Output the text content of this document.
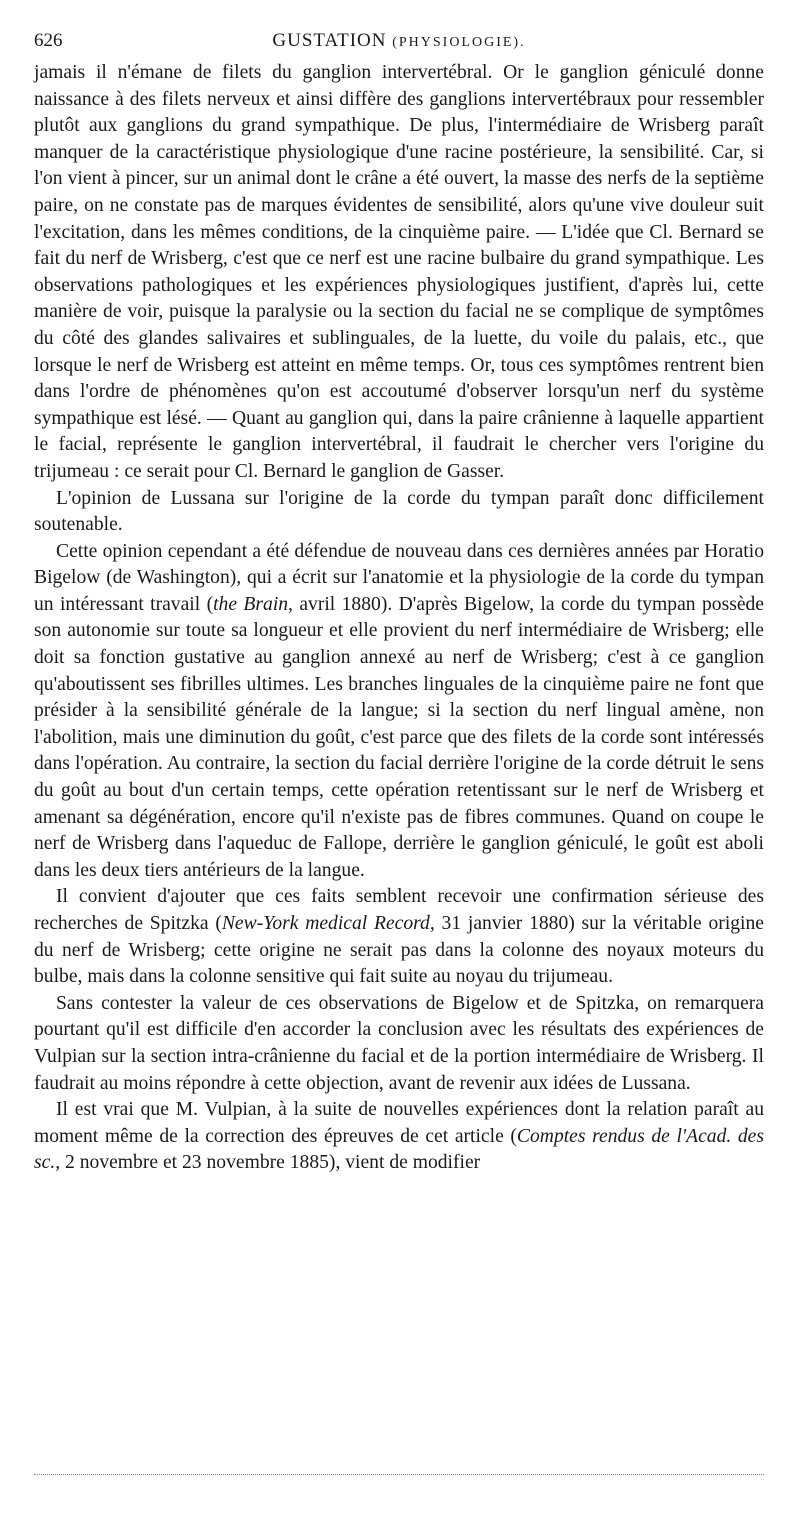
626	GUSTATION (PHYSIOLOGIE).

jamais il n'émane de filets du ganglion intervertébral. Or le ganglion géniculé donne naissance à des filets nerveux et ainsi diffère des ganglions intervertébraux pour ressembler plutôt aux ganglions du grand sympathique. De plus, l'intermédiaire de Wrisberg paraît manquer de la caractéristique physiologique d'une racine postérieure, la sensibilité. Car, si l'on vient à pincer, sur un animal dont le crâne a été ouvert, la masse des nerfs de la septième paire, on ne constate pas de marques évidentes de sensibilité, alors qu'une vive douleur suit l'excitation, dans les mêmes conditions, de la cinquième paire. — L'idée que Cl. Bernard se fait du nerf de Wrisberg, c'est que ce nerf est une racine bulbaire du grand sympathique. Les observations pathologiques et les expériences physiologiques justifient, d'après lui, cette manière de voir, puisque la paralysie ou la section du facial ne se complique de symptômes du côté des glandes salivaires et sublinguales, de la luette, du voile du palais, etc., que lorsque le nerf de Wrisberg est atteint en même temps. Or, tous ces symptômes rentrent bien dans l'ordre de phénomènes qu'on est accoutumé d'observer lorsqu'un nerf du système sympathique est lésé. — Quant au ganglion qui, dans la paire crânienne à laquelle appartient le facial, représente le ganglion intervertébral, il faudrait le chercher vers l'origine du trijumeau : ce serait pour Cl. Bernard le ganglion de Gasser.

L'opinion de Lussana sur l'origine de la corde du tympan paraît donc difficilement soutenable.

Cette opinion cependant a été défendue de nouveau dans ces dernières années par Horatio Bigelow (de Washington), qui a écrit sur l'anatomie et la physiologie de la corde du tympan un intéressant travail (the Brain, avril 1880). D'après Bigelow, la corde du tympan possède son autonomie sur toute sa longueur et elle provient du nerf intermédiaire de Wrisberg; elle doit sa fonction gustative au ganglion annexé au nerf de Wrisberg; c'est à ce ganglion qu'aboutissent ses fibrilles ultimes. Les branches linguales de la cinquième paire ne font que présider à la sensibilité générale de la langue; si la section du nerf lingual amène, non l'abolition, mais une diminution du goût, c'est parce que des filets de la corde sont intéressés dans l'opération. Au contraire, la section du facial derrière l'origine de la corde détruit le sens du goût au bout d'un certain temps, cette opération retentissant sur le nerf de Wrisberg et amenant sa dégénération, encore qu'il n'existe pas de fibres communes. Quand on coupe le nerf de Wrisberg dans l'aqueduc de Fallope, derrière le ganglion géniculé, le goût est aboli dans les deux tiers antérieurs de la langue.

Il convient d'ajouter que ces faits semblent recevoir une confirmation sérieuse des recherches de Spitzka (New-York medical Record, 31 janvier 1880) sur la véritable origine du nerf de Wrisberg; cette origine ne serait pas dans la colonne des noyaux moteurs du bulbe, mais dans la colonne sensitive qui fait suite au noyau du trijumeau.

Sans contester la valeur de ces observations de Bigelow et de Spitzka, on remarquera pourtant qu'il est difficile d'en accorder la conclusion avec les résultats des expériences de Vulpian sur la section intra-crânienne du facial et de la portion intermédiaire de Wrisberg. Il faudrait au moins répondre à cette objection, avant de revenir aux idées de Lussana.

Il est vrai que M. Vulpian, à la suite de nouvelles expériences dont la relation paraît au moment même de la correction des épreuves de cet article (Comptes rendus de l'Acad. des sc., 2 novembre et 23 novembre 1885), vient de modifier
